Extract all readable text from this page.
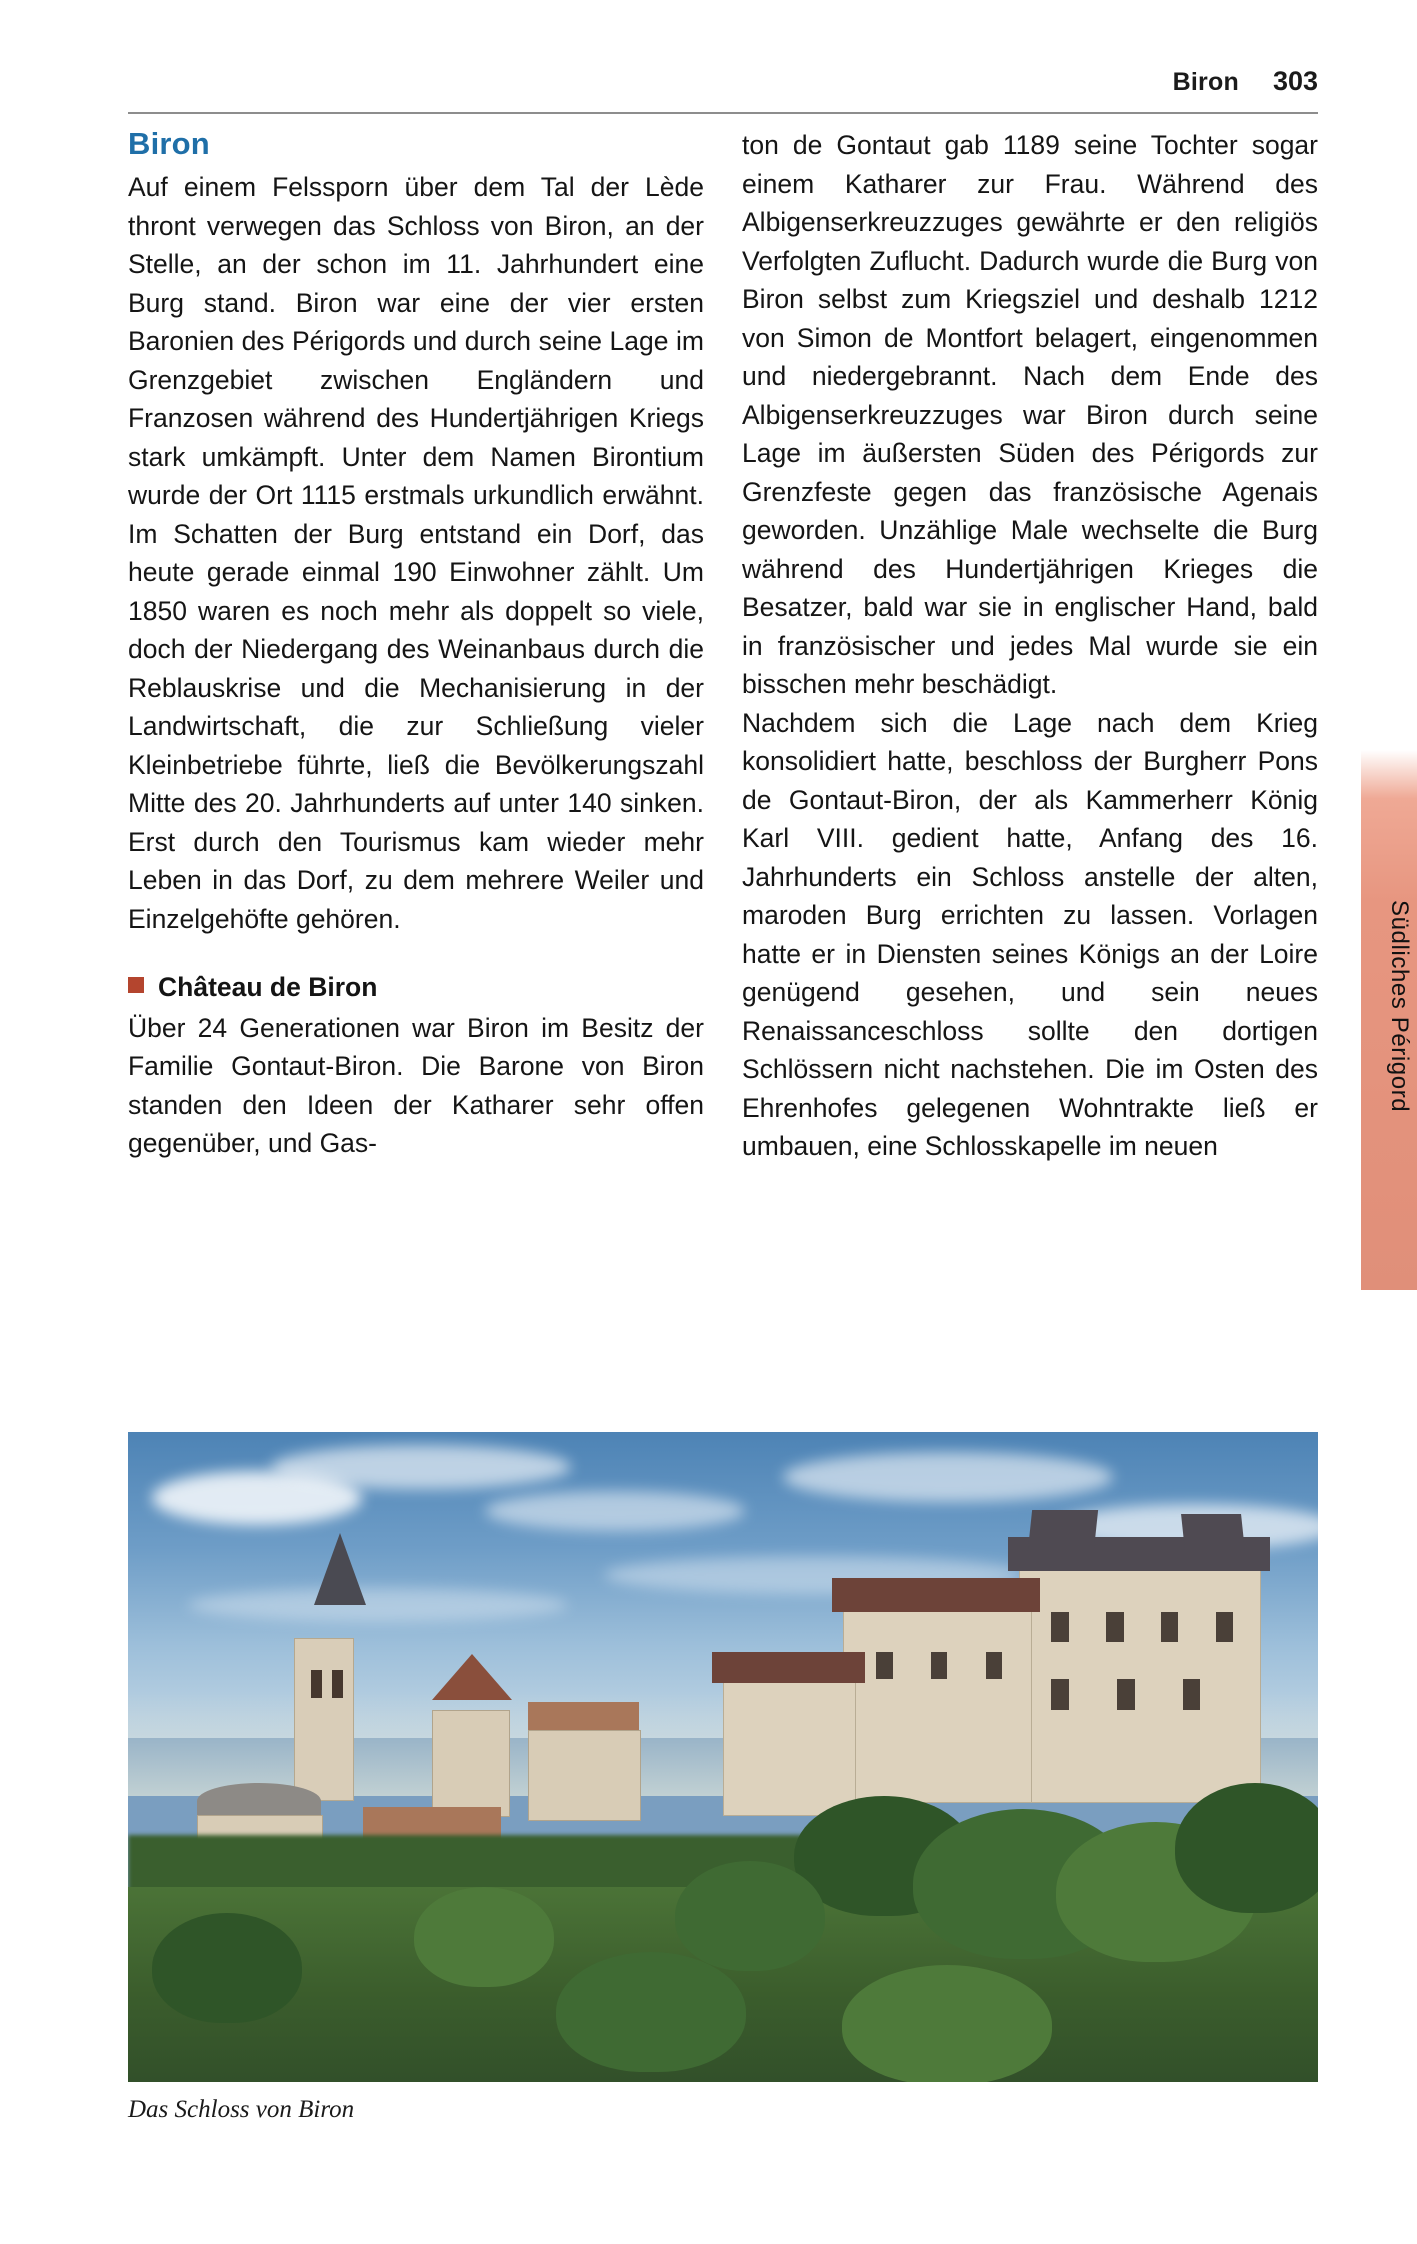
Biron 303
Biron

Auf einem Felssporn über dem Tal der Lède thront verwegen das Schloss von Biron, an der Stelle, an der schon im 11. Jahrhundert eine Burg stand. Biron war eine der vier ersten Baronien des Périgords und durch seine Lage im Grenzgebiet zwischen Engländern und Franzosen während des Hundertjährigen Kriegs stark umkämpft. Unter dem Namen Birontium wurde der Ort 1115 erstmals urkundlich erwähnt. Im Schatten der Burg entstand ein Dorf, das heute gerade einmal 190 Einwohner zählt. Um 1850 waren es noch mehr als doppelt so viele, doch der Niedergang des Weinanbaus durch die Reblauskrise und die Mechanisierung in der Landwirtschaft, die zur Schließung vieler Kleinbetriebe führte, ließ die Bevölkerungszahl Mitte des 20. Jahrhunderts auf unter 140 sinken. Erst durch den Tourismus kam wieder mehr Leben in das Dorf, zu dem mehrere Weiler und Einzelgehöfte gehören.

Château de Biron

Über 24 Generationen war Biron im Besitz der Familie Gontaut-Biron. Die Barone von Biron standen den Ideen der Katharer sehr offen gegenüber, und Gas-

ton de Gontaut gab 1189 seine Tochter sogar einem Katharer zur Frau. Während des Albigenserkreuzzuges gewährte er den religiös Verfolgten Zuflucht. Dadurch wurde die Burg von Biron selbst zum Kriegsziel und deshalb 1212 von Simon de Montfort belagert, eingenommen und niedergebrannt. Nach dem Ende des Albigenserkreuzzuges war Biron durch seine Lage im äußersten Süden des Périgords zur Grenzfeste gegen das französische Agenais geworden. Unzählige Male wechselte die Burg während des Hundertjährigen Krieges die Besatzer, bald war sie in englischer Hand, bald in französischer und jedes Mal wurde sie ein bisschen mehr beschädigt.

Nachdem sich die Lage nach dem Krieg konsolidiert hatte, beschloss der Burgherr Pons de Gontaut-Biron, der als Kammerherr König Karl VIII. gedient hatte, Anfang des 16. Jahrhunderts ein Schloss anstelle der alten, maroden Burg errichten zu lassen. Vorlagen hatte er in Diensten seines Königs an der Loire genügend gesehen, und sein neues Renaissanceschloss sollte den dortigen Schlössern nicht nachstehen. Die im Osten des Ehrenhofes gelegenen Wohntrakte ließ er umbauen, eine Schlosskapelle im neuen

Südliches Périgord
Das Schloss von Biron
